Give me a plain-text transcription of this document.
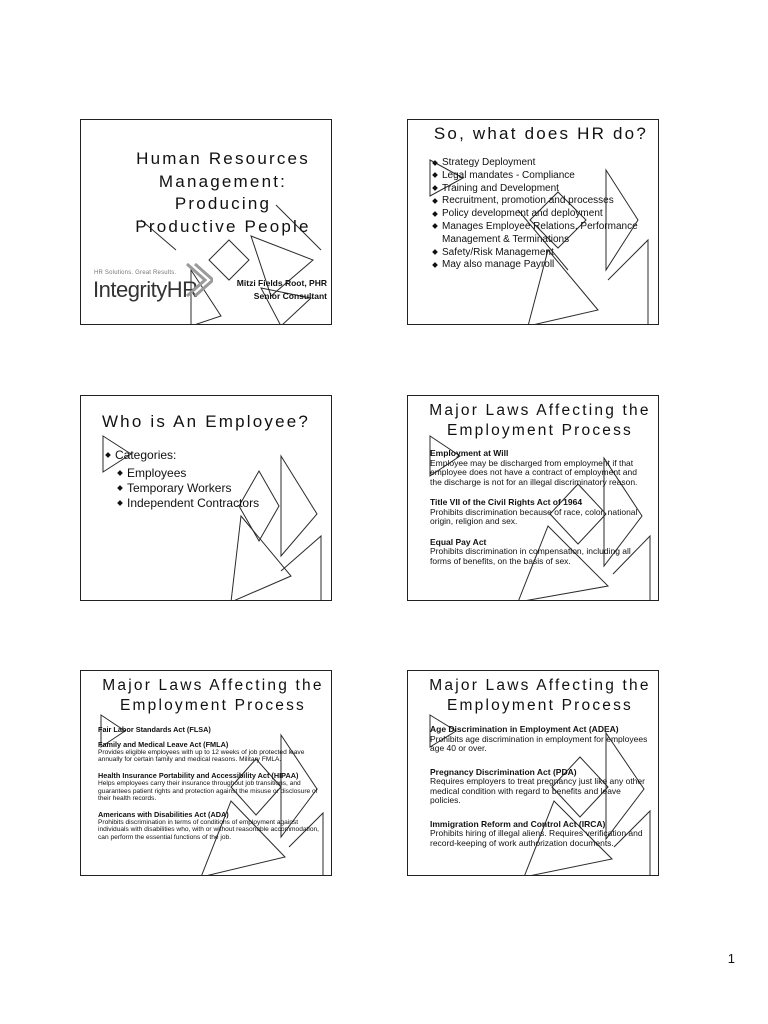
Human Resources Management: Producing Productive People
HR Solutions. Great Results.
IntegrityHR	Mitzi Fields Root, PHR
Senior Consultant
So, what does HR do?
Strategy Deployment
Legal mandates - Compliance
Training and Development
Recruitment, promotion and processes
Policy development and deployment
Manages Employee Relations, Performance Management & Terminations
Safety/Risk Management
May also manage Payroll
Who is An Employee?
Categories:
Employees
Temporary Workers
Independent Contractors
Major Laws Affecting the Employment Process
Employment at Will

Employee may be discharged from employment if that employee does not have a contract of employment and the discharge is not for an illegal discriminatory reason.

Title VII of the Civil Rights Act of 1964

Prohibits discrimination because of race, color, national origin, religion and sex.

Equal Pay Act

Prohibits discrimination in compensation, including all forms of benefits, on the basis of sex.

Major Laws Affecting the Employment Process
Fair Labor Standards Act (FLSA)
Family and Medical Leave Act (FMLA)

Provides eligible employees with up to 12 weeks of job protected leave annually for certain family and medical reasons. Military FMLA.

Health Insurance Portability and Accessibility Act (HIPAA)

Helps employees carry their insurance throughout job transitions, and guarantees patient rights and protection against the misuse or disclosure of their health records.

Americans with Disabilities Act (ADA)

Prohibits discrimination in terms of conditions of employment against individuals with disabilities who, with or without reasonable accommodation, can perform the essential functions of the job.

Major Laws Affecting the Employment Process
Age Discrimination in Employment Act (ADEA)

Prohibits age discrimination in employment for employees age 40 or over.

Pregnancy Discrimination Act (PDA)

Requires employers to treat pregnancy just like any other medical condition with regard to benefits and leave policies.

Immigration Reform and Control Act (IRCA)

Prohibits hiring of illegal aliens. Requires verification and record-keeping of work authorization documents.

1
